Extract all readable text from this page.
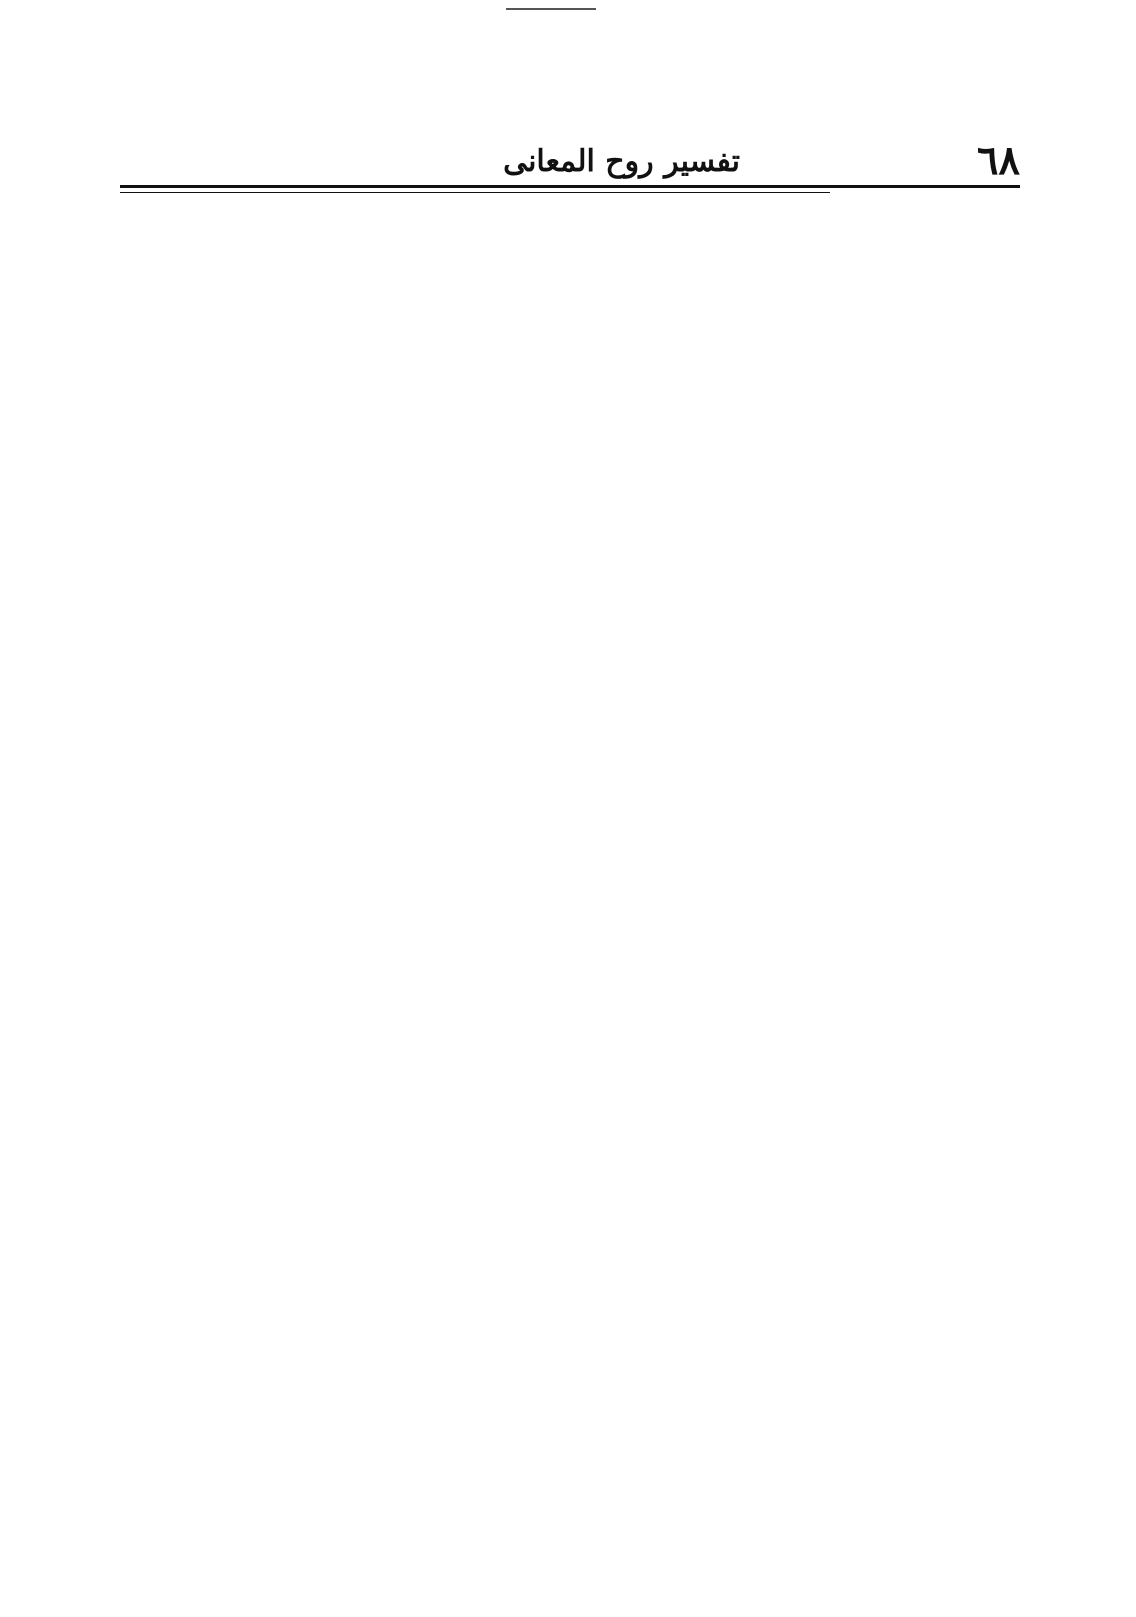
٦٨
تفسير روح المعانى
